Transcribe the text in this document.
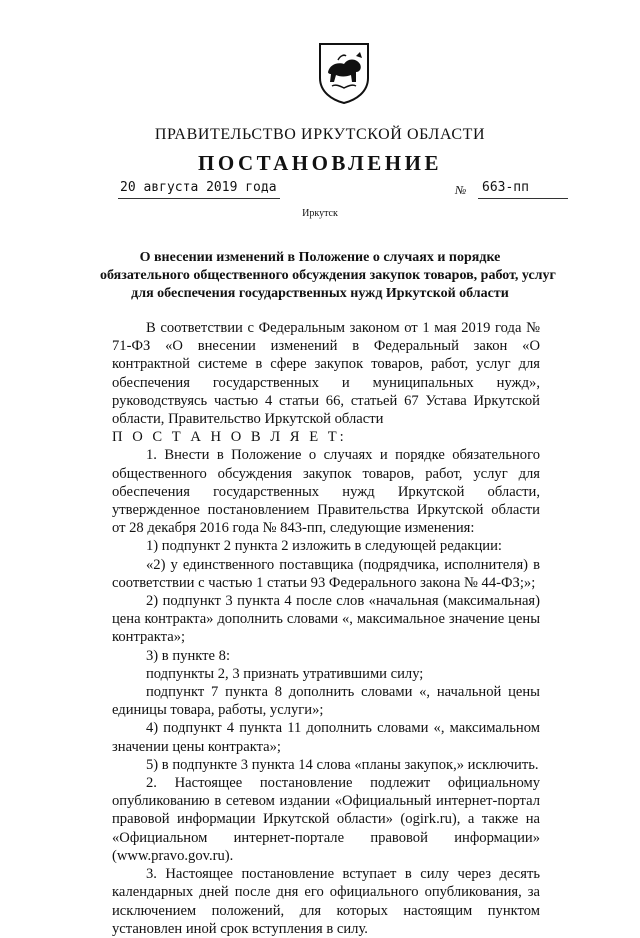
ПРАВИТЕЛЬСТВО ИРКУТСКОЙ ОБЛАСТИ
ПОСТАНОВЛЕНИЕ
20 августа 2019 года	№ 663-пп
Иркутск
О внесении изменений в Положение о случаях и порядке
обязательного общественного обсуждения закупок товаров, работ, услуг
для обеспечения государственных нужд Иркутской области

В соответствии с Федеральным законом от 1 мая 2019 года № 71-ФЗ «О внесении изменений в Федеральный закон «О контрактной системе в сфере закупок товаров, работ, услуг для обеспечения государственных и муниципальных нужд», руководствуясь частью 4 статьи 66, статьей 67 Устава Иркутской области, Правительство Иркутской области

П О С Т А Н О В Л Я Е Т:

1. Внести в Положение о случаях и порядке обязательного общественного обсуждения закупок товаров, работ, услуг для обеспечения государственных нужд Иркутской области, утвержденное постановлением Правительства Иркутской области от 28 декабря 2016 года № 843-пп, следующие изменения:

1) подпункт 2 пункта 2 изложить в следующей редакции:

«2) у единственного поставщика (подрядчика, исполнителя) в соответствии с частью 1 статьи 93 Федерального закона № 44-ФЗ;»;

2) подпункт 3 пункта 4 после слов «начальная (максимальная) цена контракта» дополнить словами «, максимальное значение цены контракта»;

3) в пункте 8:

подпункты 2, 3 признать утратившими силу;

подпункт 7 пункта 8 дополнить словами «, начальной цены единицы товара, работы, услуги»;

4) подпункт 4 пункта 11 дополнить словами «, максимальном значении цены контракта»;

5) в подпункте 3 пункта 14 слова «планы закупок,» исключить.

2. Настоящее постановление подлежит официальному опубликованию в сетевом издании «Официальный интернет-портал правовой информации Иркутской области» (ogirk.ru), а также на «Официальном интернет-портале правовой информации» (www.pravo.gov.ru).

3. Настоящее постановление вступает в силу через десять календарных дней после дня его официального опубликования, за исключением положений, для которых настоящим пунктом установлен иной срок вступления в силу.
